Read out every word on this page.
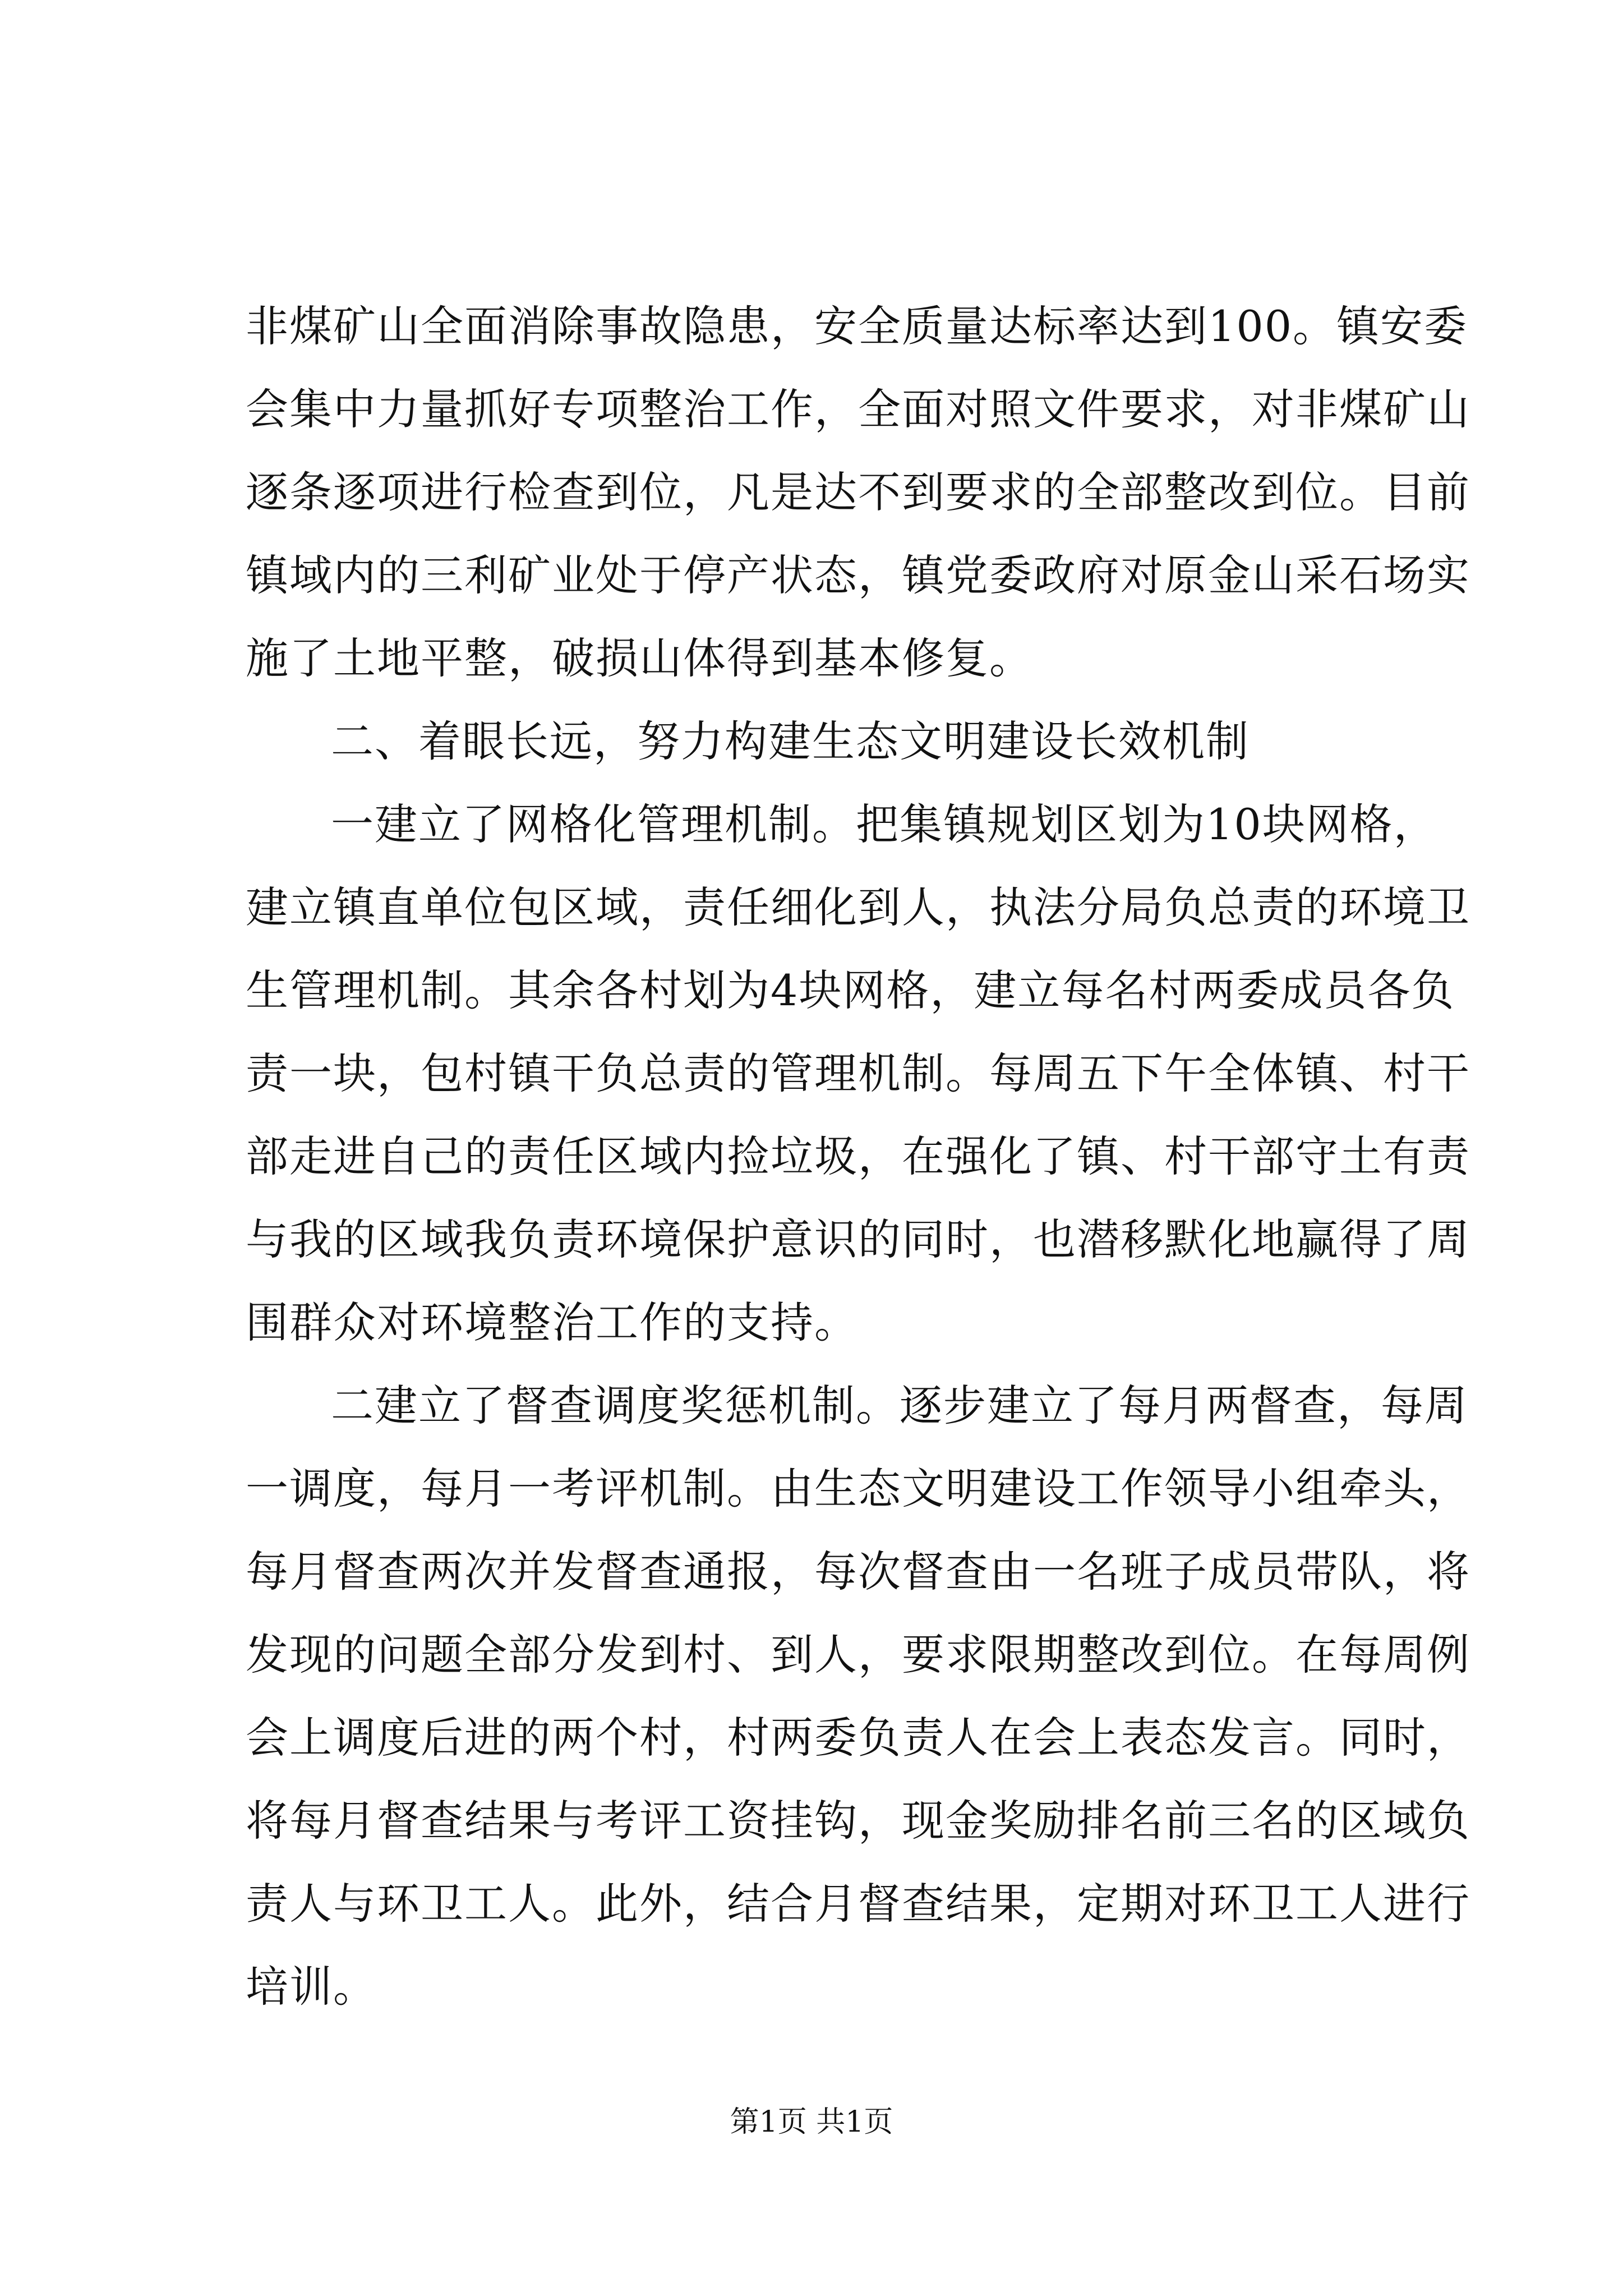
非煤矿山全面消除事故隐患，安全质量达标率达到100。镇安委
会集中力量抓好专项整治工作，全面对照文件要求，对非煤矿山
逐条逐项进行检查到位，凡是达不到要求的全部整改到位。目前
镇域内的三利矿业处于停产状态，镇党委政府对原金山采石场实
施了土地平整，破损山体得到基本修复。
二、着眼长远，努力构建生态文明建设长效机制
一建立了网格化管理机制。把集镇规划区划为10块网格，
建立镇直单位包区域，责任细化到人，执法分局负总责的环境卫
生管理机制。其余各村划为4块网格，建立每名村两委成员各负
责一块，包村镇干负总责的管理机制。每周五下午全体镇、村干
部走进自己的责任区域内捡垃圾，在强化了镇、村干部守土有责
与我的区域我负责环境保护意识的同时，也潜移默化地赢得了周
围群众对环境整治工作的支持。
二建立了督查调度奖惩机制。逐步建立了每月两督查，每周
一调度，每月一考评机制。由生态文明建设工作领导小组牵头，
每月督查两次并发督查通报，每次督查由一名班子成员带队，将
发现的问题全部分发到村、到人，要求限期整改到位。在每周例
会上调度后进的两个村，村两委负责人在会上表态发言。同时，
将每月督查结果与考评工资挂钩，现金奖励排名前三名的区域负
责人与环卫工人。此外，结合月督查结果，定期对环卫工人进行
培训。
第1页 共1页
